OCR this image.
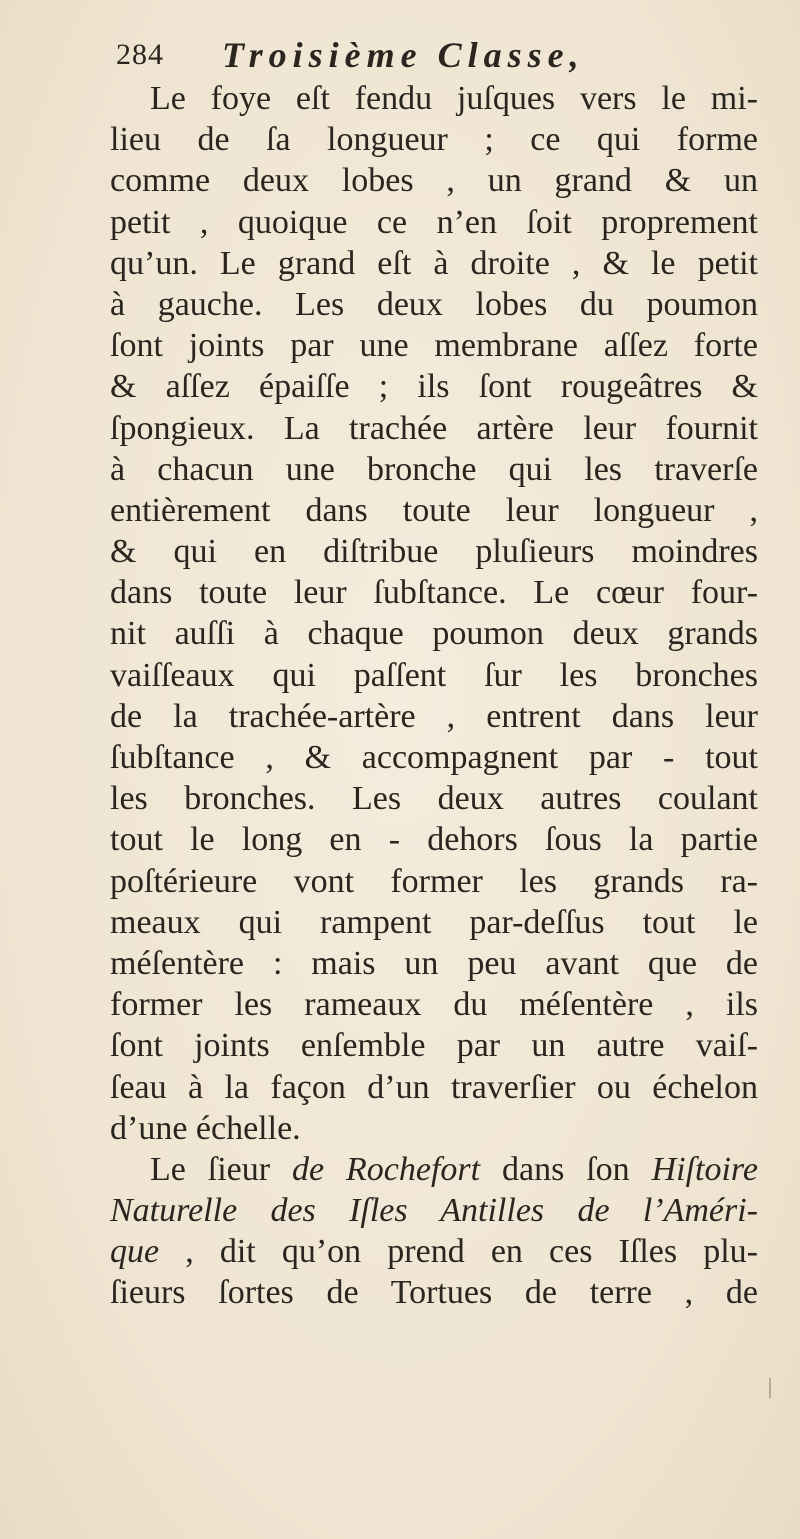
284 Troisième Classe,
Le foye eſt fendu juſques vers le mi-
lieu de ſa longueur ; ce qui forme
comme deux lobes , un grand & un
petit , quoique ce n’en ſoit proprement
qu’un. Le grand eſt à droite , & le petit
à gauche. Les deux lobes du poumon
ſont joints par une membrane aſſez forte
& aſſez épaiſſe ; ils ſont rougeâtres &
ſpongieux. La trachée artère leur fournit
à chacun une bronche qui les traverſe
entièrement dans toute leur longueur ,
& qui en diſtribue pluſieurs moindres
dans toute leur ſubſtance. Le cœur four-
nit auſſi à chaque poumon deux grands
vaiſſeaux qui paſſent ſur les bronches
de la trachée-artère , entrent dans leur
ſubſtance , & accompagnent par - tout
les bronches. Les deux autres coulant
tout le long en - dehors ſous la partie
poſtérieure vont former les grands ra-
meaux qui rampent par-deſſus tout le
méſentère : mais un peu avant que de
former les rameaux du méſentère , ils
ſont joints enſemble par un autre vaiſ-
ſeau à la façon d’un traverſier ou échelon
d’une échelle.
Le ſieur de Rochefort dans ſon Hiſtoire
Naturelle des Iſles Antilles de l’Améri-
que , dit qu’on prend en ces Iſles plu-
ſieurs ſortes de Tortues de terre , de
